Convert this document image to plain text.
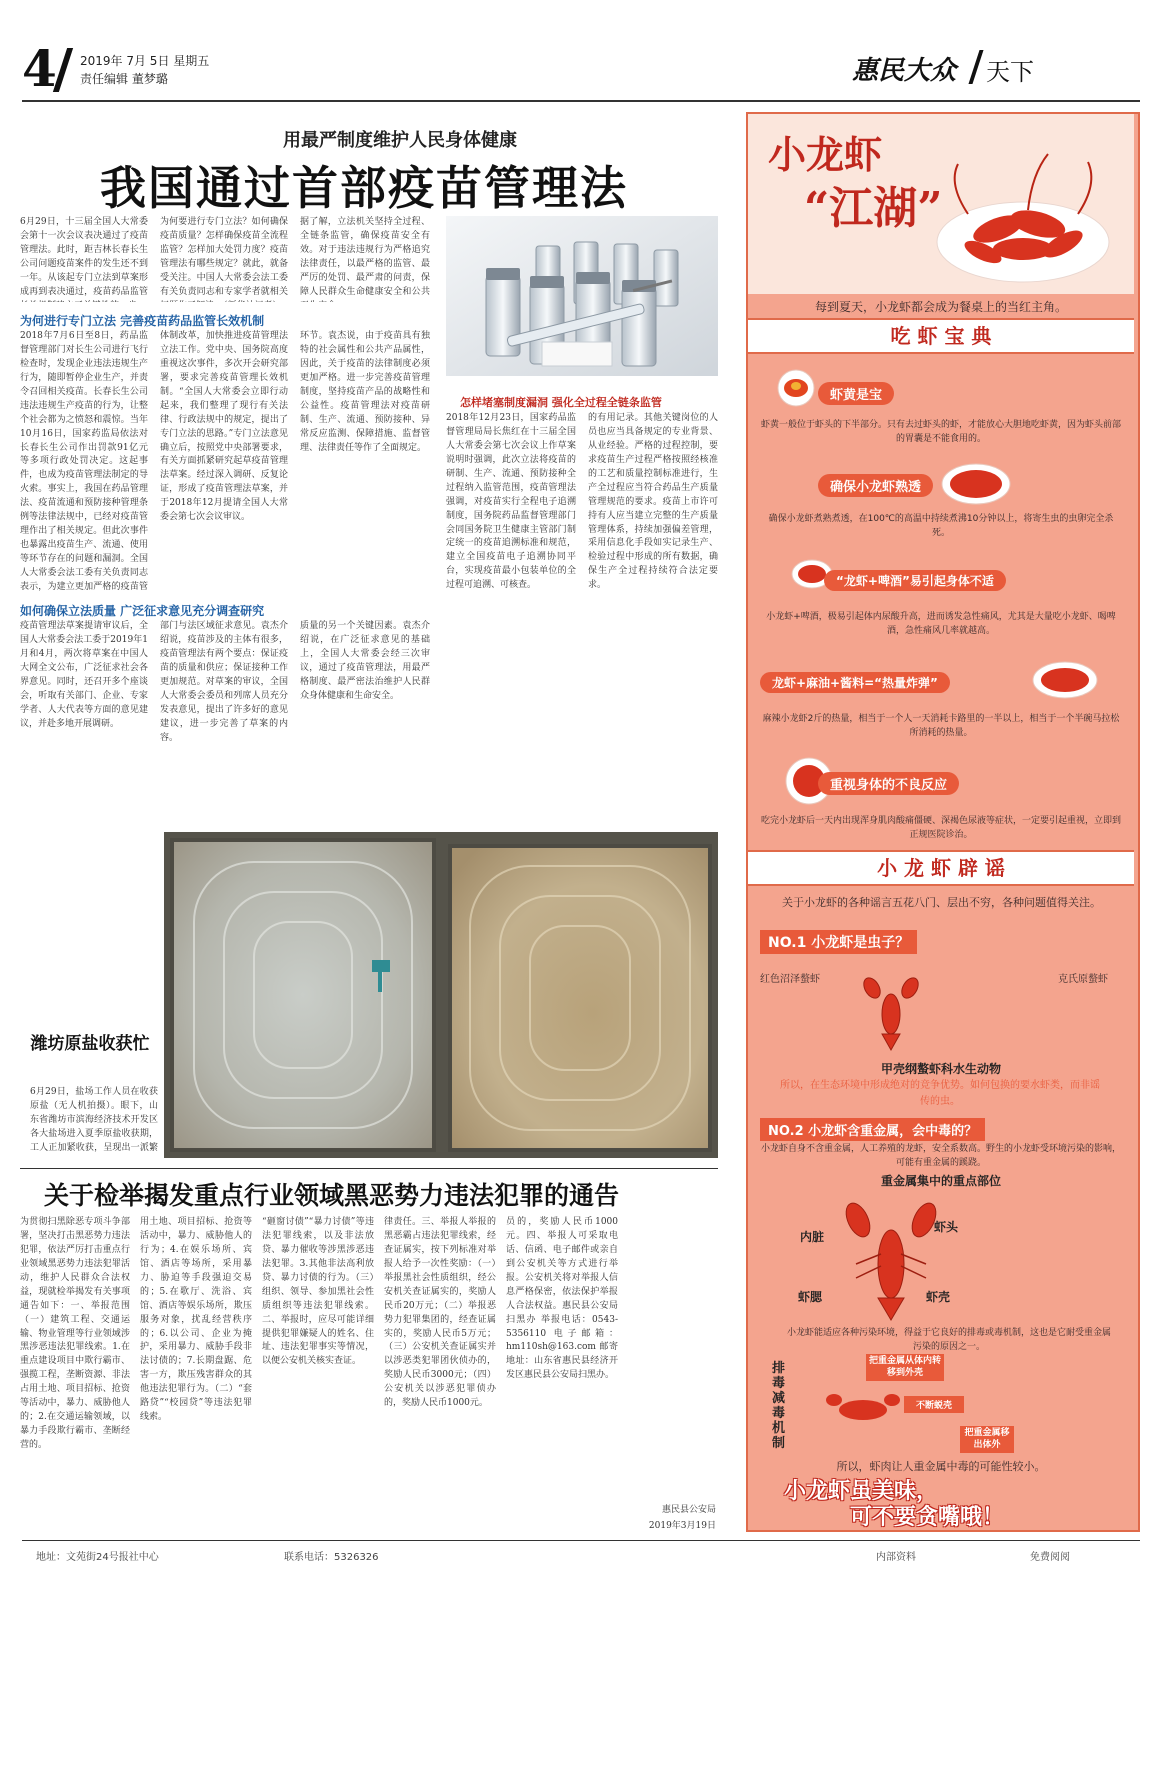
4 2019年 7月 5日 星期五
责任编辑 董梦璐	惠民大众 天下
用最严制度维护人民身体健康
我国通过首部疫苗管理法
6月29日，十三届全国人大常委会第十一次会议表决通过了疫苗管理法。此时，距吉林长春长生公司问题疫苗案件的发生还不到一年。从该起专门立法到草案形成再到表决通过，疫苗药品监管
为何要进行专门立法？如何确保疫苗质量？怎样确保疫苗全流程监管？怎样加大处罚力度？疫苗管理法有哪些规定？就此，就备受关注。中国人大常委会法工委有关负责同志和专家学者就相关
据了解，立法机关坚持全过程、全链条监管，确保疫苗安全有效。对于违法违规行为严格追究法律责任，以最严格的监管、最严厉的处罚、最严肃的问责，保障人民群众生命健康安全和公共
为何进行专门立法 完善疫苗药品监管长效机制
2018年7月6日至8日，药品监督管理部门对长生公司进行飞行检查时，发现企业违法违规生产行为，随即暂停企业生产，并责令召回相关疫苗。长春长生公司违法违规生产疫苗的行为，让整个社会都为之愤怒和震惊。当年10月16日，国家药监局依法对长春长生公司作出罚款91亿元等多项行政处罚决定。这起事件，也成为疫苗管理法制定的导火索。事实上，我国在药品管理法、疫苗流通和预防接种管理条例等法律法规中，已经对疫苗管理作出了相关规定。但此次事件也暴露出疫苗生产、流通、使用等环节存在的问题和漏洞。全国人大常委会法工委有关负责同志表示，为建立更加严格的疫苗管
体制改革，加快推进疫苗管理法立法工作。党中央、国务院高度重视这次事件，多次开会研究部署，要求完善疫苗管理长效机制。“全国人大常委会立即行动起来，我们整理了现行有关法律、行政法规中的规定，提出了专门立法的思路。”专门立法意见确立后，按照党中央部署要求，有关方面抓紧研究起草疫苗管理法草案。经过深入调研、反复论证，形成了疫苗管理法草案，并于2018年12月提请全国人大常委会第七次会议审议。
环节。袁杰说，由于疫苗具有独特的社会属性和公共产品属性，因此，关于疫苗的法律制度必须更加严格。进一步完善疫苗管理制度，坚持疫苗产品的战略性和公益性。疫苗管理法对疫苗研制、生产、流通、预防接种、异常反应监测、保障措施、监督管理、法律责任等作了全面规定。
怎样堵塞制度漏洞 强化全过程全链条监管
2018年12月23日，国家药品监督管理局局长焦红在十三届全国人大常委会第七次会议上作草案说明时强调，此次立法将疫苗的研制、生产、流通、预防接种全过程纳入监管范围，疫苗管理法强调，对疫苗实行全程电子追溯制度，国务院药品监督管理部门会同国务院卫生健康主管部门制定统一的疫苗追溯标准和规范，建立全国疫苗电子追溯协同平台，实现疫苗最小包装单位的全过程可追溯、可核查。
的有用记录。其他关键岗位的人员也应当具备规定的专业背景、从业经验。严格的过程控制，要求疫苗生产过程严格按照经核准的工艺和质量控制标准进行，生产全过程应当符合药品生产质量管理规范的要求。疫苗上市许可持有人应当建立完整的生产质量管理体系，持续加强偏差管理，采用信息化手段如实记录生产、检验过程中形成的所有数据，确保生产全过程持续符合法定要求。
如何确保立法质量 广泛征求意见充分调查研究
疫苗管理法草案提请审议后，全国人大常委会法工委于2019年1月和4月，两次将草案在中国人大网全文公布，广泛征求社会各界意见。同时，还召开多个座谈会，听取有关部门、企业、专家学者、人大代表等方面的意见建议，并赴多地开展调研。
部门与法区域征求意见。袁杰介绍说，疫苗涉及的主体有很多，疫苗管理法有两个要点：保证疫苗的质量和供应；保证接种工作更加规范。对草案的审议，全国人大常委会委员和列席人员充分发表意见，提出了许多好的意见建议，进一步完善了草案的内容。
质量的另一个关键因素。袁杰介绍说，在广泛征求意见的基础上，全国人大常委会经三次审议，通过了疫苗管理法，用最严格制度、最严密法治维护人民群众身体健康和生命安全。
潍坊原盐收获忙
6月29日，盐场工作人员在收获原盐（无人机拍摄）。眼下，山东省潍坊市滨海经济技术开发区各大盐场进入夏季原盐收获期，工人正加紧收获，呈现出一派繁
关于检举揭发重点行业领域黑恶势力违法犯罪的通告
为贯彻扫黑除恶专项斗争部署，坚决打击黑恶势力违法犯罪，依法严厉打击重点行业领域黑恶势力违法犯罪活动，维护人民群众合法权益，现就检举揭发有关事项通告如下：一、举报范围（一）建筑工程、交通运输、物业管理等行业领域涉黑涉恶违法犯罪线索。1.在重点建设项目中欺行霸市、强揽工程，垄断资源、非法占用土地、项目招标、抢资等活动中，暴力、威胁他人的；2.在交通运输领域，以暴力手段欺行霸市、垄断经营的。
用土地、项目招标、抢资等活动中，暴力、威胁他人的行为；4.在娱乐场所、宾馆、酒店等场所，采用暴力、胁迫等手段强迫交易的；5.在歌厅、洗浴、宾馆、酒店等娱乐场所，欺压服务对象，扰乱经营秩序的；6.以公司、企业为掩护，采用暴力、威胁手段非法讨债的；7.长期盘踞、危害一方，欺压残害群众的其他违法犯罪行为。（二）“套路贷”“校园贷”等违法犯罪线索。
“砸窗讨债”“暴力讨债”等违法犯罪线索，以及非法放贷、暴力催收等涉黑涉恶违法犯罪。3.其他非法高利放贷、暴力讨债的行为。（三）组织、领导、参加黑社会性质组织等违法犯罪线索。二、举报时，应尽可能详细提供犯罪嫌疑人的姓名、住址、违法犯罪事实等情况，以便公安机关核实查证。
律责任。三、举报人举报的黑恶霸占违法犯罪线索，经查证属实，按下列标准对举报人给予一次性奖励：（一）举报黑社会性质组织，经公安机关查证属实的，奖励人民币20万元；（二）举报恶势力犯罪集团的，经查证属实的，奖励人民币5万元；（三）公安机关查证属实并以涉恶类犯罪团伙侦办的，奖励人民币3000元；（四）公安机关以涉恶犯罪侦办的，奖励人民币1000元。
员的，奖励人民币1000元。四、举报人可采取电话、信函、电子邮件或亲自到公安机关等方式进行举报。公安机关将对举报人信息严格保密，依法保护举报人合法权益。惠民县公安局扫黑办 举报电话：0543-5356110 电子邮箱：hm110sh@163.com 邮寄地址：山东省惠民县经济开发区惠民县公安局扫黑办。
惠民县公安局
2019年3月19日
小龙虾
“江湖”
每到夏天，小龙虾都会成为餐桌上的当红主角。
吃 虾 宝 典
虾黄是宝
虾黄一般位于虾头的下半部分。只有去过虾头的虾，才能放心大胆地吃虾黄，因为虾头前部的胃囊是不能食用的。
确保小龙虾熟透
确保小龙虾煮熟煮透，在100℃的高温中持续煮沸10分钟以上，将寄生虫的虫卵完全杀死。
“龙虾+啤酒”易引起身体不适
小龙虾+啤酒，极易引起体内尿酸升高，进而诱发急性痛风，尤其是大量吃小龙虾、喝啤酒，急性痛风几率就越高。
龙虾+麻油+酱料=“热量炸弹”
麻辣小龙虾2斤的热量，相当于一个人一天消耗卡路里的一半以上，相当于一个半碗马拉松所消耗的热量。
重视身体的不良反应
吃完小龙虾后一天内出现浑身肌肉酸痛僵硬、深褐色尿液等症状，一定要引起重视，立即到正规医院诊治。
小 龙 虾 辟 谣
关于小龙虾的各种谣言五花八门、层出不穷，各种问题值得关注。
NO.1 小龙虾是虫子？
红色沼泽螯虾	克氏原螯虾
甲壳纲螯虾科水生动物
所以，在生态环境中形成绝对的竞争优势。如何包换的要水虾类，而非谣传的虫。
NO.2 小龙虾含重金属，会中毒的？
小龙虾自身不含重金属，人工养殖的龙虾，安全系数高。野生的小龙虾受环境污染的影响，可能有重金属的蹊跷。
重金属集中的重点部位
内脏
虾头
虾腮	虾壳
小龙虾能适应各种污染环境，得益于它良好的排毒或毒机制，这也是它耐受重金属污染的原因之一。
排毒减毒机制
把重金属从体内转移到外壳
不断蜕壳
把重金属移出体外
所以，虾肉让人重金属中毒的可能性较小。
小龙虾虽美味，
可不要贪嘴哦！
地址：文苑街24号报社中心	联系电话：5326326	内部资料	免费阅阅
